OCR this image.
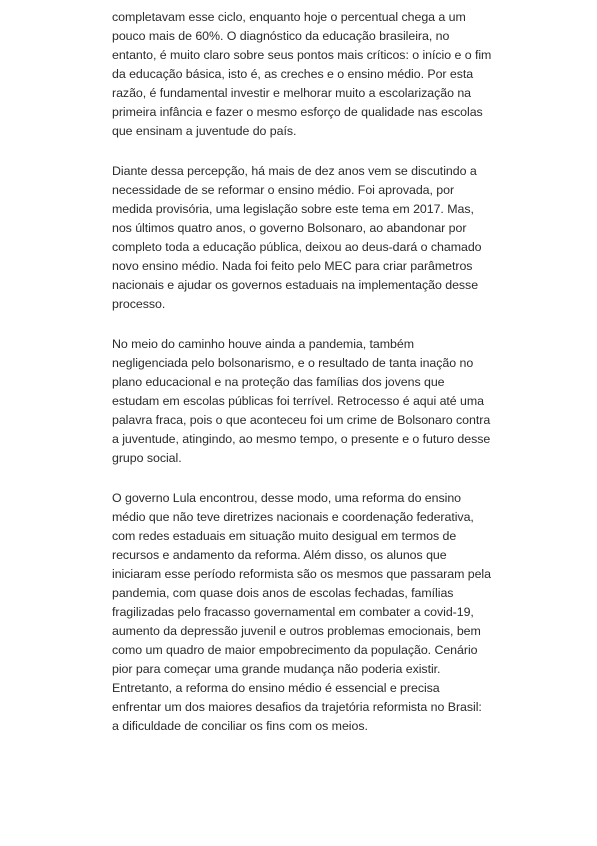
completavam esse ciclo, enquanto hoje o percentual chega a um pouco mais de 60%. O diagnóstico da educação brasileira, no entanto, é muito claro sobre seus pontos mais críticos: o início e o fim da educação básica, isto é, as creches e o ensino médio. Por esta razão, é fundamental investir e melhorar muito a escolarização na primeira infância e fazer o mesmo esforço de qualidade nas escolas que ensinam a juventude do país.

Diante dessa percepção, há mais de dez anos vem se discutindo a necessidade de se reformar o ensino médio. Foi aprovada, por medida provisória, uma legislação sobre este tema em 2017. Mas, nos últimos quatro anos, o governo Bolsonaro, ao abandonar por completo toda a educação pública, deixou ao deus-dará o chamado novo ensino médio. Nada foi feito pelo MEC para criar parâmetros nacionais e ajudar os governos estaduais na implementação desse processo.

No meio do caminho houve ainda a pandemia, também negligenciada pelo bolsonarismo, e o resultado de tanta inação no plano educacional e na proteção das famílias dos jovens que estudam em escolas públicas foi terrível. Retrocesso é aqui até uma palavra fraca, pois o que aconteceu foi um crime de Bolsonaro contra a juventude, atingindo, ao mesmo tempo, o presente e o futuro desse grupo social.

O governo Lula encontrou, desse modo, uma reforma do ensino médio que não teve diretrizes nacionais e coordenação federativa, com redes estaduais em situação muito desigual em termos de recursos e andamento da reforma. Além disso, os alunos que iniciaram esse período reformista são os mesmos que passaram pela pandemia, com quase dois anos de escolas fechadas, famílias fragilizadas pelo fracasso governamental em combater a covid-19, aumento da depressão juvenil e outros problemas emocionais, bem como um quadro de maior empobrecimento da população. Cenário pior para começar uma grande mudança não poderia existir. Entretanto, a reforma do ensino médio é essencial e precisa enfrentar um dos maiores desafios da trajetória reformista no Brasil: a dificuldade de conciliar os fins com os meios.
